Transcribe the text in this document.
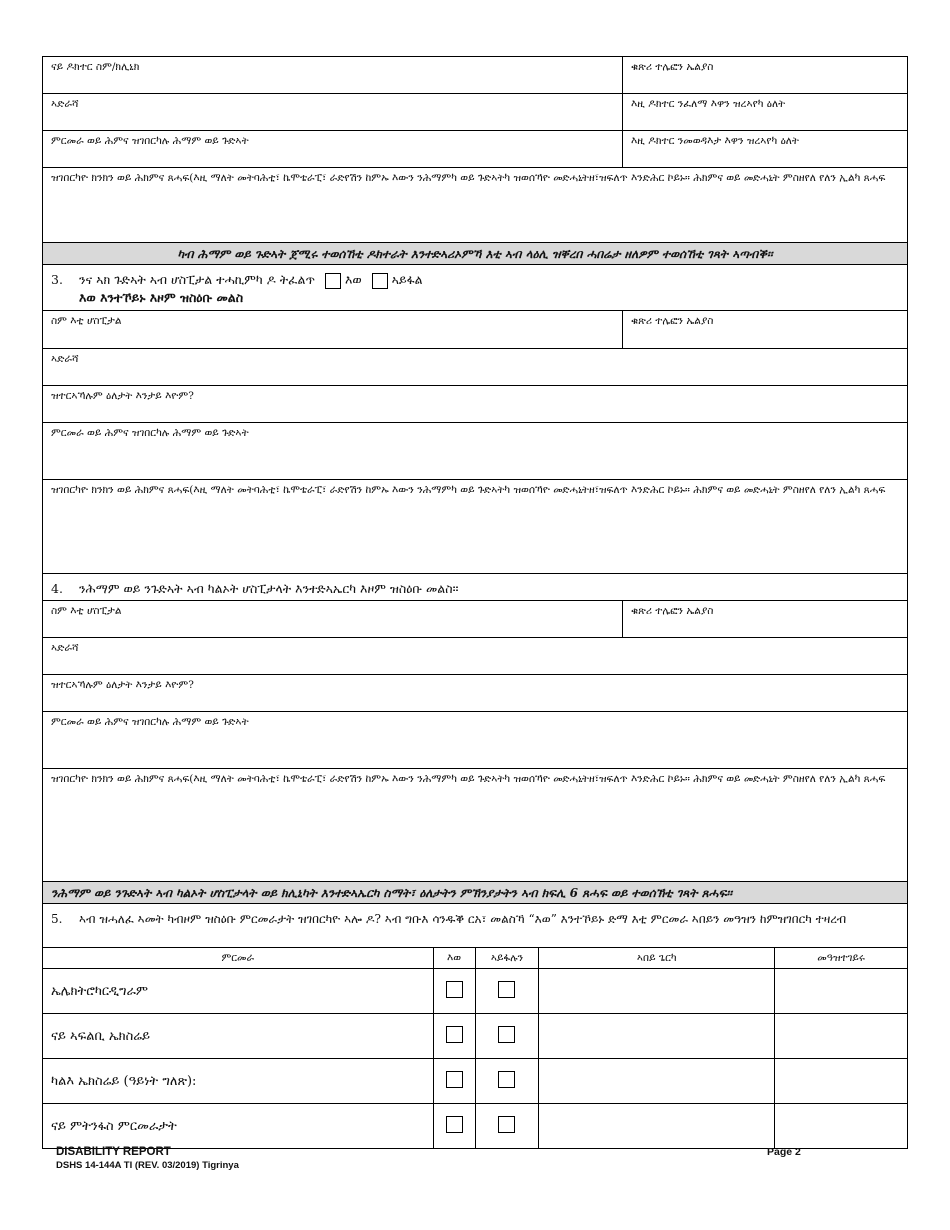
ናይ ዶክተር ስም/ክሊኒክ	ቁጽሪ ተሌፎን ኤልያስ
ኣድራሻ	እዚ ዶክተር ንፈለማ እዋን ዝረኣየካ ዕለት
ምርመራ ወይ ሕምና ዝገበርካሉ ሕማም ወይ ጉድኣት	እዚ ዶክተር ንመወዳእታ እዋን ዝረኣየካ ዕለት
ዝገበርካዮ ክንክን ወይ ሕክምና ጸሓፍ(እዚ ማለት መትባሕቲ፣ ኬሞቴራፒ፣ ራድየሽን ከምኡ እውን ንሕማምካ ወይ ጉድኣትካ ዝወሰኻዮ መድሓኒትዘ፣ዝፍለጥ እንድሕር ኮይኑ። ሕክምና ወይ መድሓኒት ምስዘየለ የለን ኢልካ ጸሓፍ
ካብ ሕማም ወይ ጉድኣት ጀሚሩ ተወሰኸቲ ዶክተራት እንተድኣሪኦምኻ እቲ ኣብ ላዕሊ ዝቐረበ ሓበሬታ ዘለዎም ተወሰኸቲ ገጻት ኣጣብቕ፡፡
3. ንና ኣክ ጉድኣት ኣብ ሆስፒታል ተሓኪምካ ዶ ትፈልጥ እወ ኣይፋል
እወ እንተኾይኑ እዞም ዝስዕቡ መልስ
ስም እቲ ሆስፒታል	ቁጽሪ ተሌፎን ኤልያስ
ኣድራሻ
ዝተርኣኻሉም ዕለታት እንታይ እዮም?
ምርመራ ወይ ሕምና ዝገበርካሉ ሕማም ወይ ጉድኣት
ዝገበርካዮ ክንክን ወይ ሕክምና ጸሓፍ(እዚ ማለት መትባሕቲ፣ ኬሞቴራፒ፣ ራድየሽን ከምኡ እውን ንሕማምካ ወይ ጉድኣትካ ዝወሰኻዮ መድሓኒትዘ፣ዝፍለጥ እንድሕር ኮይኑ። ሕክምና ወይ መድሓኒት ምስዘየለ የለን ኢልካ ጸሓፍ
4. ንሕማም ወይ ንጉድኣት ኣብ ካልኦት ሆስፒታላት እንተድኣኤርካ እዞም ዝስዕቡ መልስ።
ስም እቲ ሆስፒታል	ቁጽሪ ተሌፎን ኤልያስ
ኣድራሻ
ዝተርኣኻሉም ዕለታት እንታይ እዮም?
ምርመራ ወይ ሕምና ዝገበርካሉ ሕማም ወይ ጉድኣት
ዝገበርካዮ ክንክን ወይ ሕክምና ጸሓፍ(እዚ ማለት መትባሕቲ፣ ኬሞቴራፒ፣ ራድየሽን ከምኡ እውን ንሕማምካ ወይ ጉድኣትካ ዝወሰኻዮ መድሓኒትዘ፣ዝፍለጥ እንድሕር ኮይኑ። ሕክምና ወይ መድሓኒት ምስዘየለ የለን ኢልካ ጸሓፍ
ንሕማም ወይ ንጉድኣት ኣብ ካልኦት ሆስፒታላት ወይ ክሊኒካት እንተድኣኤርካ ስማት፣ ዕለታትን ምኽንያታትን ኣብ ክፍሊ 6 ጸሓፍ ወይ ተወሰኽቲ ገጻት ጸሓፍ፡፡
5.	ኣብ ዝሓለፈ ኣመት ካብዞም ዝስዕቡ ምርመራታት ዝገበርካዮ ኣሎ ዶ? ኣብ ግቡእ ሳንዱቕ ርአ፣ መልስኻ “እወ” እንተኾይኑ ድማ እቲ ምርመራ ኣበይን መዓዝን ከምዝገበርካ ተዛረብ
ምርመራ	እወ	ኣይፋሉን	ኣበይ ጌርካ	መዓዝተገይሩ
ኤሌክትሮካርዲግራም				
ናይ ኣፍልቢ ኤክስሬይ				
ካልእ ኤክስሬይ (ዓይነት ግለጽ):				
ናይ ምትንፋስ ምርመራታት				
DISABILITY REPORT
DSHS 14-144A TI (REV. 03/2019) Tigrinya
Page 2
